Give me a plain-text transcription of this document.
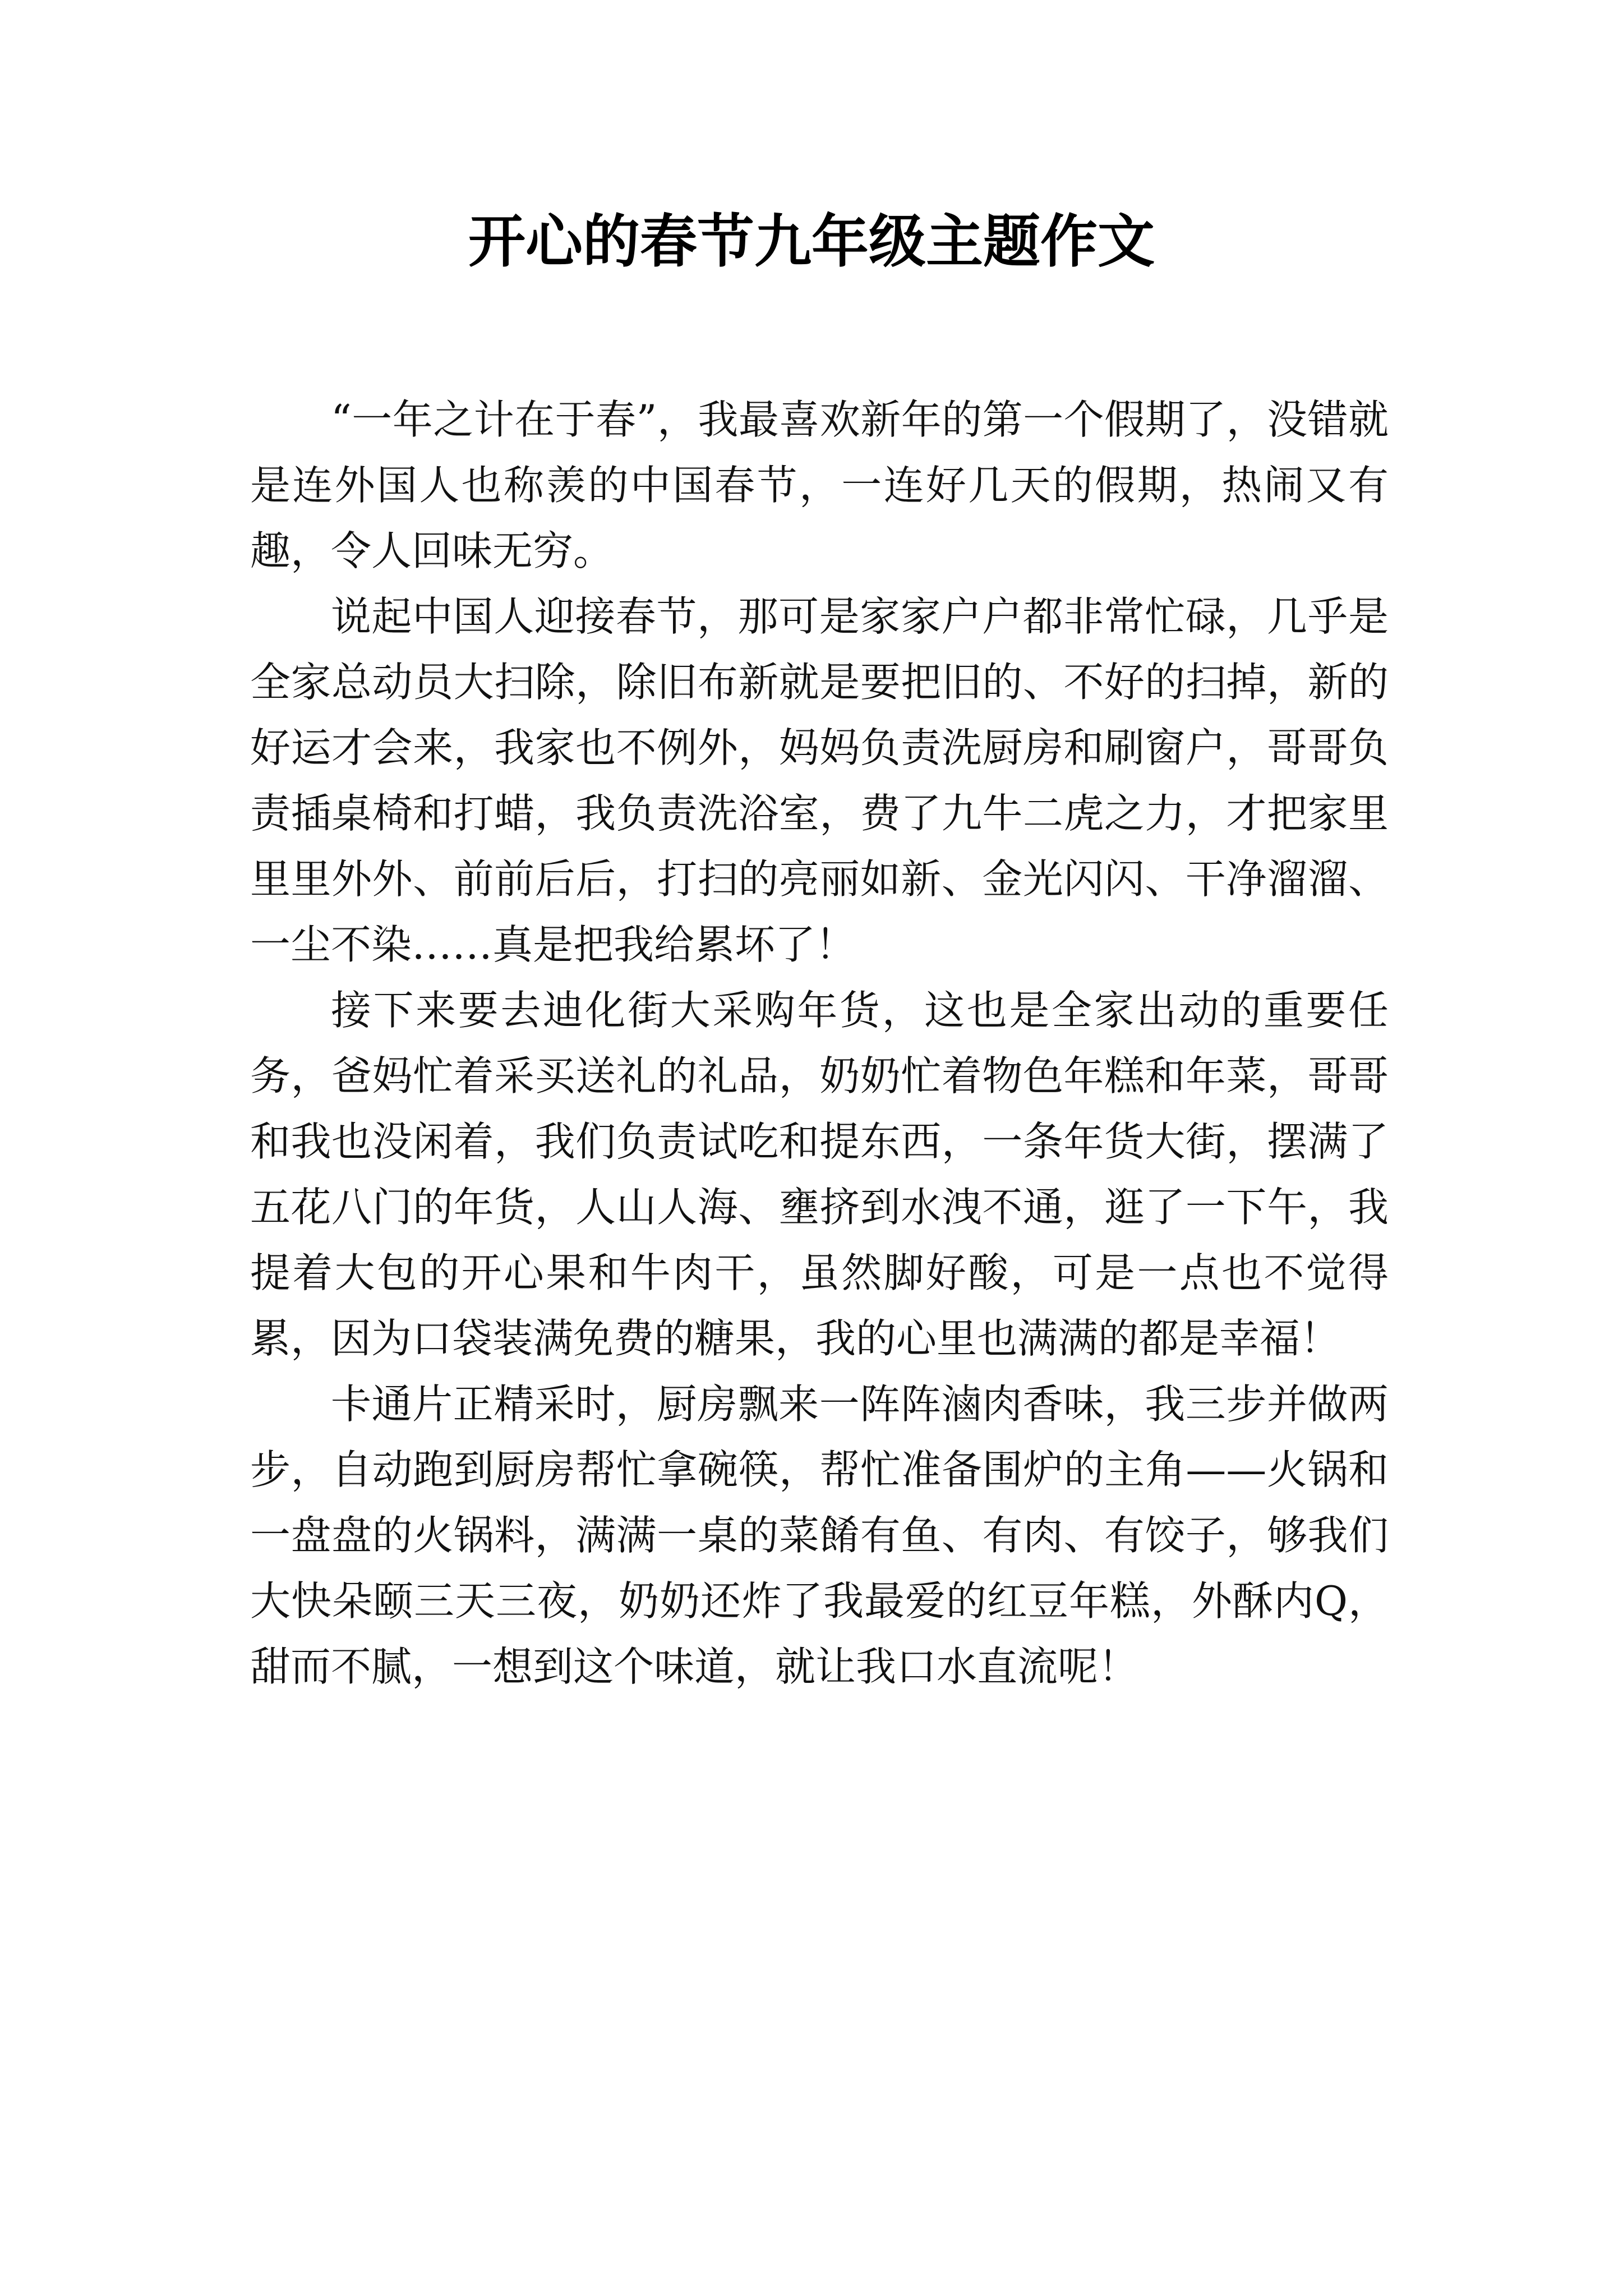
开心的春节九年级主题作文

“一年之计在于春”，我最喜欢新年的第一个假期了，没错就是连外国人也称羡的中国春节，一连好几天的假期，热闹又有趣，令人回味无穷。

说起中国人迎接春节，那可是家家户户都非常忙碌，几乎是全家总动员大扫除，除旧布新就是要把旧的、不好的扫掉，新的好运才会来，我家也不例外，妈妈负责洗厨房和刷窗户，哥哥负责插桌椅和打蜡，我负责洗浴室，费了九牛二虎之力，才把家里里里外外、前前后后，打扫的亮丽如新、金光闪闪、干净溜溜、一尘不染……真是把我给累坏了！

接下来要去迪化街大采购年货，这也是全家出动的重要任务，爸妈忙着采买送礼的礼品，奶奶忙着物色年糕和年菜，哥哥和我也没闲着，我们负责试吃和提东西，一条年货大街，摆满了五花八门的年货，人山人海、壅挤到水洩不通，逛了一下午，我提着大包的开心果和牛肉干，虽然脚好酸，可是一点也不觉得累，因为口袋装满免费的糖果，我的心里也满满的都是幸福！

卡通片正精采时，厨房飘来一阵阵滷肉香味，我三步并做两步，自动跑到厨房帮忙拿碗筷，帮忙准备围炉的主角——火锅和一盘盘的火锅料，满满一桌的菜餚有鱼、有肉、有饺子，够我们大快朵颐三天三夜，奶奶还炸了我最爱的红豆年糕，外酥内Q，甜而不腻，一想到这个味道，就让我口水直流呢！
